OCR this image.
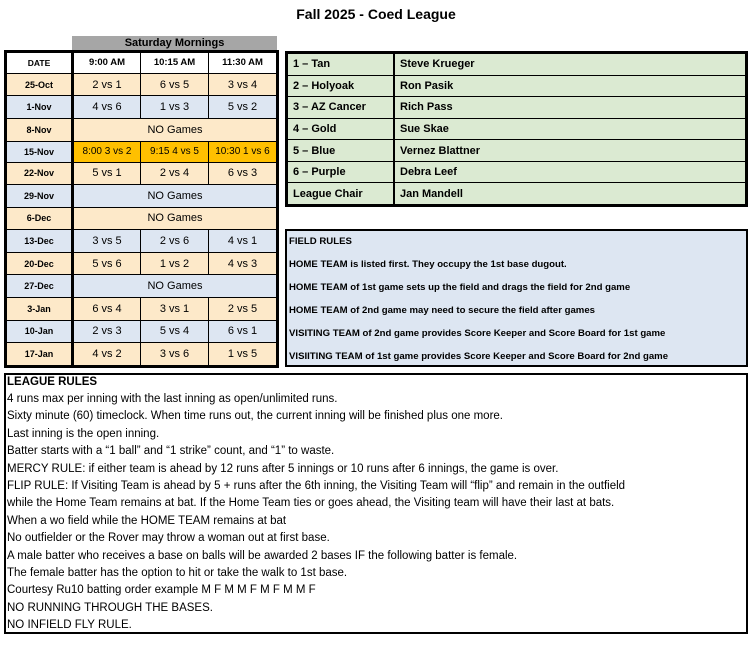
Fall 2025 - Coed League
Saturday Mornings
DATE	9:00 AM	10:15 AM	11:30 AM
25-Oct	2 vs 1	6 vs 5	3 vs 4
1-Nov	4 vs 6	1 vs 3	5 vs 2
8-Nov	NO Games		
15-Nov	8:00 3 vs 2	9:15 4 vs 5	10:30 1 vs 6
22-Nov	5 vs 1	2 vs 4	6 vs 3
29-Nov	NO Games		
6-Dec	NO Games		
13-Dec	3 vs 5	2 vs 6	4 vs 1
20-Dec	5 vs 6	1 vs 2	4 vs 3
27-Dec	NO Games		
3-Jan	6 vs 4	3 vs 1	2 vs 5
10-Jan	2 vs 3	5 vs 4	6 vs 1
17-Jan	4 vs 2	3 vs 6	1 vs 5
1 – Tan	Steve Krueger
2 – Holyoak	Ron Pasik
3 – AZ Cancer	Rich Pass
4 – Gold	Sue Skae
5 – Blue	Vernez Blattner
6 – Purple	Debra Leef
League Chair	Jan Mandell
FIELD RULES
HOME TEAM is listed first. They occupy the 1st base dugout.
HOME TEAM of 1st game sets up the field and drags the field for 2nd game
HOME TEAM of 2nd game may need to secure the field after games
VISITING TEAM of 2nd game provides Score Keeper and Score Board for 1st game
VISIITING TEAM of 1st game provides Score Keeper and Score Board for 2nd game
LEAGUE RULES
4 runs max per inning with the last inning as open/unlimited runs.
Sixty minute (60) timeclock. When time runs out, the current inning will be finished plus one more.
Last inning is the open inning.
Batter starts with a “1 ball” and “1 strike” count, and “1” to waste.
MERCY RULE: if either team is ahead by 12 runs after 5 innings or 10 runs after 6 innings, the game is over.
FLIP RULE: If Visiting Team is ahead by 5 + runs after the 6th inning, the Visiting Team will “flip” and remain in the outfield
while the Home Team remains at bat. If the Home Team ties or goes ahead, the Visiting team will have their last at bats.
When a wo field while the HOME TEAM remains at bat
No outfielder or the Rover may throw a woman out at first base.
A male batter who receives a base on balls will be awarded 2 bases IF the following batter is female.
The female batter has the option to hit or take the walk to 1st base.
Courtesy Ru10 batting order example M F M M F M F M M F
NO RUNNING THROUGH THE BASES.
NO INFIELD FLY RULE.
